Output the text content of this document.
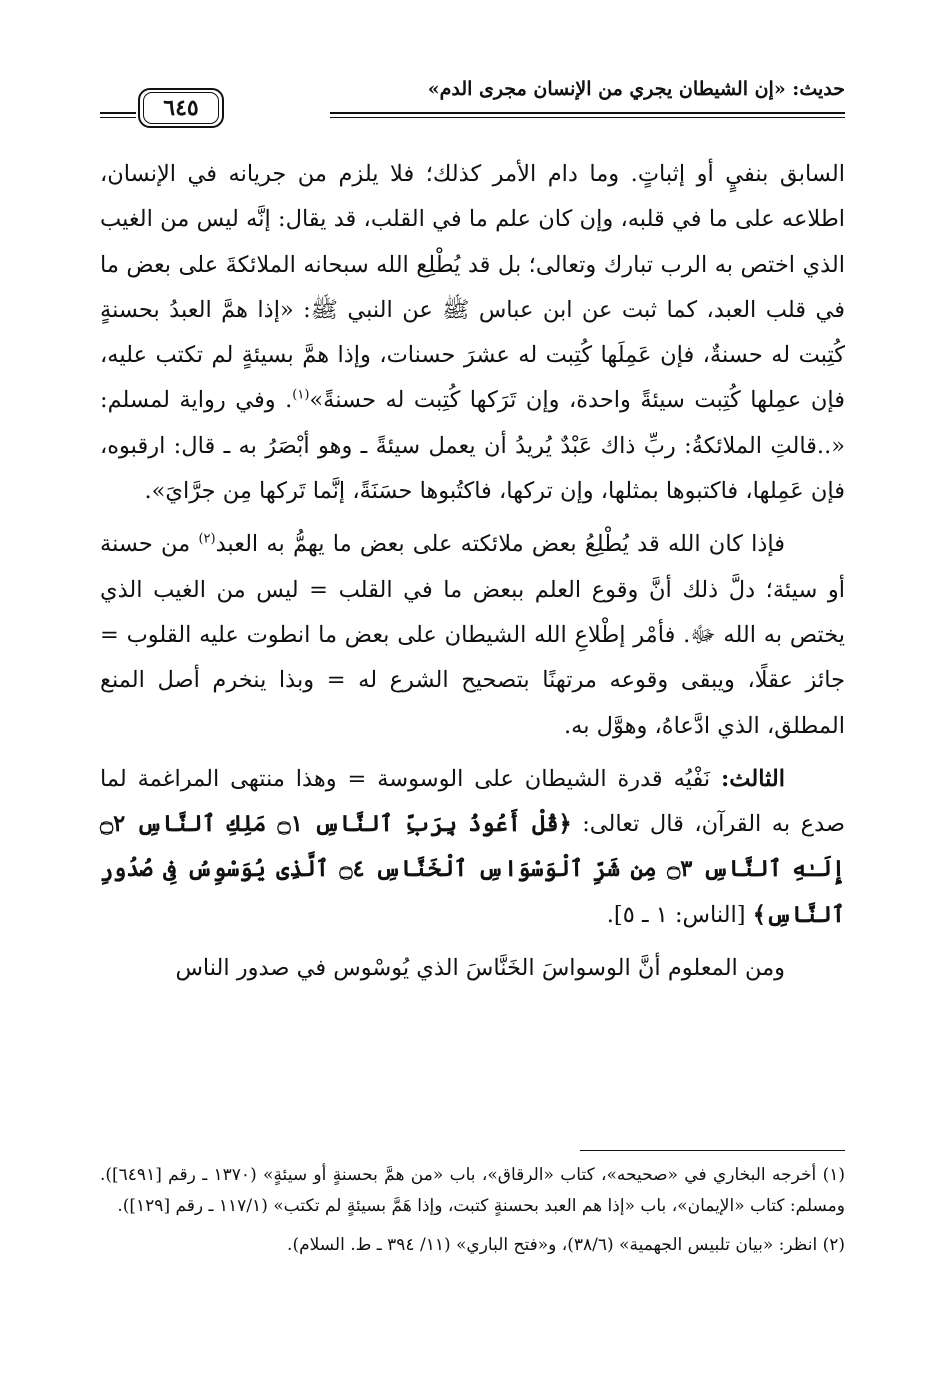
حديث: «إن الشيطان يجري من الإنسان مجرى الدم»
٦٤٥

السابق بنفيٍ أو إثباتٍ. وما دام الأمر كذلك؛ فلا يلزم من جريانه في الإنسان، اطلاعه على ما في قلبه، وإن كان علم ما في القلب، قد يقال: إنَّه ليس من الغيب الذي اختص به الرب تبارك وتعالى؛ بل قد يُطْلِع الله سبحانه الملائكةَ على بعض ما في قلب العبد، كما ثبت عن ابن عباس ﷺ عن النبي ﷺ: «إذا همَّ العبدُ بحسنةٍ كُتِبت له حسنةٌ، فإن عَمِلَها كُتِبت له عشرَ حسنات، وإذا همَّ بسيئةٍ لم تكتب عليه، فإن عمِلها كُتِبت سيئةً واحدة، وإن تَرَكها كُتِبت له حسنةً»$^{(١)}$. وفي رواية لمسلم: «..قالتِ الملائكةُ: ربِّ ذاك عَبْدٌ يُريدُ أن يعمل سيئةً ـ وهو أبْصَرُ به ـ قال: ارقبوه، فإن عَمِلها، فاكتبوها بمثلها، وإن تركها، فاكتُبوها حسَنَةً، إنَّما تَركها مِن جرَّايَ».

فإذا كان الله قد يُطْلِعُ بعض ملائكته على بعض ما يهمُّ به العبد$^{(٢)}$ من حسنة أو سيئة؛ دلَّ ذلك أنَّ وقوع العلم ببعض ما في القلب = ليس من الغيب الذي يختص به الله ﷻ. فأمْر إطْلاعِ الله الشيطان على بعض ما انطوت عليه القلوب = جائز عقلًا، ويبقى وقوعه مرتهنًا بتصحيح الشرع له = وبذا ينخرم أصل المنع المطلق، الذي ادَّعاهُ، وهوَّل به.

الثالث: نَفْيُه قدرة الشيطان على الوسوسة = وهذا منتهى المراغمة لما صدع به القرآن، قال تعالى: ﴿قُلْ أَعُوذُ بِرَبِّ ٱلنَّاسِ ۝١ مَلِكِ ٱلنَّاسِ ۝٢ إِلَـٰهِ ٱلنَّاسِ ۝٣ مِن شَرِّ ٱلْوَسْوَاسِ ٱلْخَنَّاسِ ۝٤ ٱلَّذِى يُوَسْوِسُ فِى صُدُورِ ٱلنَّاسِ﴾ [الناس: ١ ـ ٥].

ومن المعلوم أنَّ الوسواسَ الخَنَّاسَ الذي يُوسْوس في صدور الناس

(١) أخرجه البخاري في «صحيحه»، كتاب «الرقاق»، باب «من همَّ بحسنةٍ أو سيئةٍ» (١٣٧٠ ـ رقم [٦٤٩١]). ومسلم: كتاب «الإيمان»، باب «إذا هم العبد بحسنةٍ كتبت، وإذا هَمَّ بسيئةٍ لم تكتب» (١١٧/١ ـ رقم [١٢٩]).

(٢) انظر: «بيان تلبيس الجهمية» (٣٨/٦)، و«فتح الباري» (١١/ ٣٩٤ ـ ط. السلام).
